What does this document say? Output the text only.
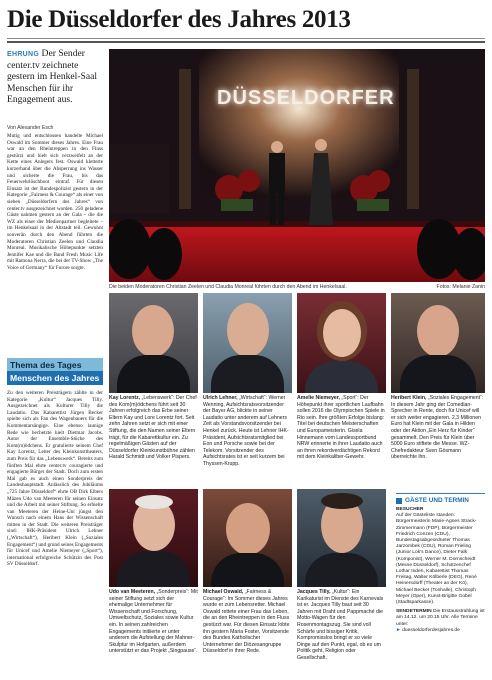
Die Düsseldorfer des Jahres 2013
EHRUNG Der Sender center.tv zeichnete gestern im Henkel-Saal Menschen für ihr Engagement aus.
Von Alexander Esch

Mutig und entschlossen handelte Michael Oswald im Sommer dieses Jahres. Eine Frau war an den Rheintreppen in den Fluss gestürzt und hielt sich verzweifelt an der Kette eines Anlegers fest. Oswald kletterte kurzerhand über die Absperrung ins Wasser und sicherte die Frau, bis das Feuerwehrlöschboot eintraf. Für diesen Einsatz ist der Bundespolizist gestern in der Kategorie „Fairness & Courage“ als einer von sieben „Düsseldorfern des Jahres“ von center.tv ausgezeichnet worden. 250 geladene Gäste nahmen gestern an der Gala – die die WZ als einer der Medienpartner begleitete – im Henkelsaal in der Altstadt teil. Gewohnt souverän durch den Abend führten die Moderatoren Christian Zeelen und Claudia Monreal. Musikalische Höhepunkte setzten Jennifer Kae und die Band Fresh Music Life mit Ramona Nerra, die bei der TV-Show „The Voice of Germany“ für Furore sorgte.

Thema des Tages
Menschen des Jahres

Zu den weiteren Preisträgern zählte in der Kategorie „Kultur“ Jacques Tilly. Ausgezeichnet als Kulturer Tilly die Laudatio. Das Kabarettist Jürgen Becker spielte sich als Fan des Wagenbauers für die Kommentarsängige. Eine ebenso launige Rede wie bechetzte hielt Dietmar Jacobs. Autor der Ensemble-Stücke des Kom(m)ödchens. Er gratulierte seinem Chef Kay Lorentz, Leiter des Kleinkunsttheaters, zum Preis für das „Lebenswerk“. Bereits zum fünften Mal ehrte center.tv couragierte und engagierte Bürger der Stadt. Doch zum ersten Mal gab es auch einen Sonderpreis der Landeshauptstadt. Anlässlich des Jubiläums „725 Jahre Düsseldorf“ ehrte OB Dirk Elbers Mäzen Udo van Meeteren für seinen Einsatz und die Arbeit mit seiner Stiftung. So erhielte van Meeteren der Heine-Uni jüngst den Wunsch nach einem Haus der Wissenschaft mitten in der Stadt. Die weiteren Preisträger sind: IHK-Präsident Ulrich Lehner („Wirtschaft“), Heribert Klein („Soziales Engagement“) und grund seines Engagements für Unicef und Amelie Niemeyer („Sport“), international erfolgreiche Schützin des Post SV Düsseldorf.

DÜSSELDORFER
Die beiden Moderatoren Christian Zeelen und Claudia Monreal führten durch den Abend im Henkelsaal.	Fotos: Melanie Zanin
Kay Lorentz, „Lebenswerk“: Der Chef des Kom(m)ödchens führt seit 30 Jahren erfolgreich das Erbe seiner Eltern Kay und Lore Lorentz fort. Seit zehn Jahren setzt er sich mit einer Stiftung, die den Namen seiner Eltern trägt, für die Kabarettkultur ein. Zu regelmäßigen Gästen auf der Düsseldorfer Kleinkunstbühne zählen Harald Schmidt und Volker Pispers.
Ulrich Lehner, „Wirtschaft“: Werner Wenning, Aufsichtsratsvorsitzender der Bayer AG, blickte in seiner Laudatio unter anderem auf Lehners Zeit als Vorstandsvorsitzender bei Henkel zurück. Heute ist Lehner IHK-Präsident, Aufsichtsratsmitglied bei Eon und Porsche sowie bei der Telekom. Vorsitzender des Aufsichtsrates ist er seit kurzem bei Thyssen-Krupp.
Amelie Niemeyer, „Sport“: Der Höhepunkt ihrer sportlichen Laufbahn sollen 2016 die Olympischen Spiele in Rio sein. Ihre größten Erfolge bislang: Titel bei deutschen Meisterschaften und Europameisterin. Gisela Hinnemann vom Landessportbund NRW erinnerte in ihrer Laudatio auch an ihren rekordverdächtigen Rekord mit dem Kleinkaliber-Gewehr.
Heribert Klein, „Soziales Engagement“: In diesem Jahr ging der Comedian-Sprecher in Rente, doch für Unicef will er sich weiter engagieren. 2,3 Millionen Euro hat Klein mit der Gala in Hilden oder der Aktion „Ein Herz für Kinder“ gesammelt. Den Preis für Klein über 5000 Euro stiftete die Messe. WZ-Chefredakteur Sven Gösmann überreichte ihn.
Udo van Meeteren, „Sonderpreis“: Mit seiner Stiftung setzt sich der ehemalige Unternehmer für Wissenschaft und Forschung, Umweltschutz, Soziales sowie Kultur ein. In seinen zahlreichen Engagements initiierte er unter anderem die Aufstellung der Mahner-Skulptur im Hofgarten, außerdem unterstützt er das Projekt „Singpause“.
Michael Oswald, „Fairness & Courage“: Im Sommer dieses Jahres wurde er zum Lebensretter. Michael Oswald rettete einer Frau das Leben, die an den Rheintreppen in den Fluss gestürzt war. Für diesen Einsatz lobte ihn gestern Maria Foster, Vorsitzende des Bundes Katholischer Unternehmer der Diözesangruppe Düsseldorf in ihrer Rede.
Jacques Tilly, „Kultur“: Ein Karikaturist im Dienste des Karnevals ist er. Jacques Tilly baut seit 30 Jahren mit Draht und Pappmaché die Motto-Wagen für den Rosenmontagszug. Sie sind voll Schärfe und bissiger Kritik, Kompromisslos bringt er so viele Dinge auf den Punkt, egal, ob es um Politik geht, Religion oder Gesellschaft.
GÄSTE UND TERMIN
BESUCHER
Auf der Gästeliste standen: Bürgermeisterin Marie-Agnes Strack-Zimmermann (FDP), Bürgermeister Friedrich Conzen (CDU), Bundestagsabgeordneter Thomas Jarzombek (CDU), Roman Frieling (Junior Lok's Dance), Dieter Falk (Komponist), Werner M. Dornscheidt (Messe Düsseldorf), Schützenchef Lothar Inden, Kabarettist Thomas Freitag, Walter Kölberle (DEG), René Heinersdorff (Theater an der Kö), Michael Becker (Tonhalle), Christoph Meyer (Oper), Kunst-Brigitte Gobel (Stadtsparkasse).
SENDETERMIN Die Erstausstrahlung ist am 14.12. um 20.15 Uhr. Alle Termine unter:
► duesseldorferdesjahres.de
